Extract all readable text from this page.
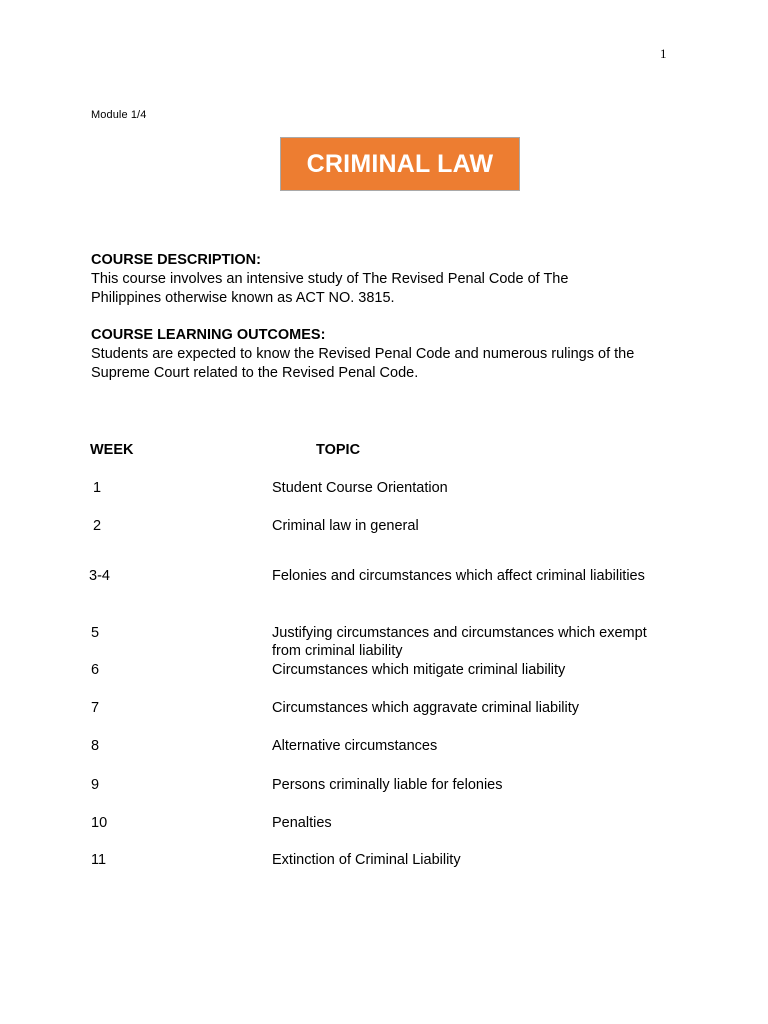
1
Module 1/4
CRIMINAL LAW
COURSE DESCRIPTION:

This course involves an intensive study of The Revised Penal Code of The Philippines otherwise known as ACT NO. 3815.

COURSE LEARNING OUTCOMES:

Students are expected to know the Revised Penal Code and numerous rulings of the Supreme Court related to the Revised Penal Code.

WEEK	TOPIC
1	Student Course Orientation
2	Criminal law in general
3-4	Felonies and circumstances which affect criminal liabilities
5	Justifying circumstances and circumstances which exempt from criminal liability
6	Circumstances which mitigate criminal liability
7	Circumstances which aggravate criminal liability
8	Alternative circumstances
9	Persons criminally liable for felonies
10	Penalties
11	Extinction of Criminal Liability
